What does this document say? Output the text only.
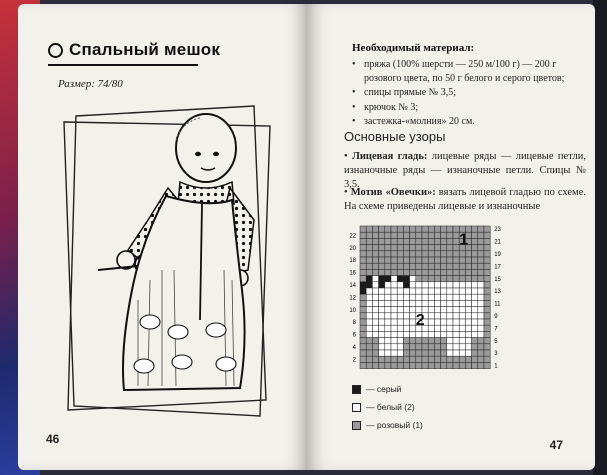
Спальный мешок
Размер: 74/80
46
Необходимый материал:
• пряжа (100% шерсти — 250 м/100 г) — 200 г розового цвета, по 50 г белого и серого цветов;
• спицы прямые № 3,5;
• крючок № 3;
• застежка-«молния» 20 см.
Основные узоры
• Лицевая гладь: лицевые ряды — лицевые петли, изнаночные ряды — изнаночные петли. Спицы № 3,5.
• Мотив «Овечки»: вязать лицевой гладью по схеме. На схеме приведены лицевые и изнаночные
22
20
18
16
14
12
10
8
6
4
2
23
21
19
17
15
13
11
9
7
5
3
1
1
2
— серый
— белый (2)
— розовый (1)
47
